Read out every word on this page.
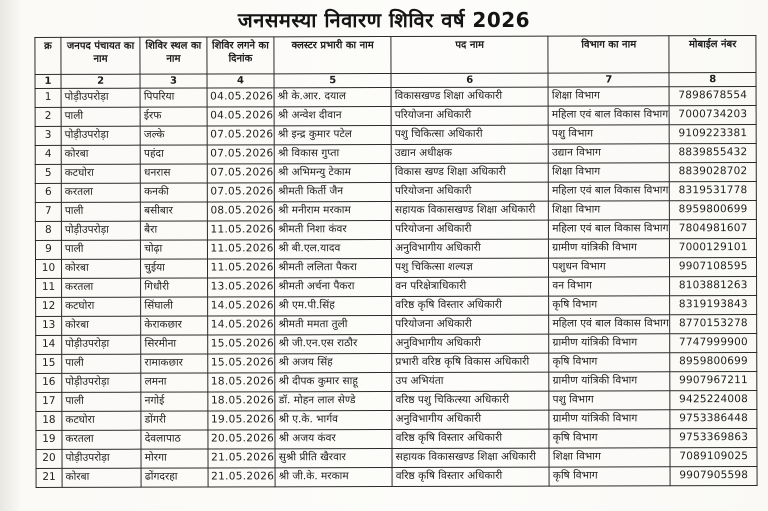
जनसमस्या निवारण शिविर वर्ष 2026
क्र	जनपद पंचायत का नाम	शिविर स्थल का नाम	शिविर लगने का दिनांक	क्लस्टर प्रभारी का नाम	पद नाम	विभाग का नाम	मोबाईल नंबर
1	2	3	4	5	6	7	8
1	पोड़ीउपरोड़ा	पिपरिया	04.05.2026	श्री के.आर. दयाल	विकासखण्ड शिक्षा अधिकारी	शिक्षा विभाग	7898678554
2	पाली	ईरफ	04.05.2026	श्री अन्वेश दीवान	परियोजना अधिकारी	महिला एवं बाल विकास विभाग	7000734203
3	पोड़ीउपरोड़ा	जल्के	07.05.2026	श्री इन्द्र कुमार पटेल	पशु चिकित्सा अधिकारी	पशु विभाग	9109223381
4	कोरबा	पहंदा	07.05.2026	श्री विकास गुप्ता	उद्यान अधीक्षक	उद्यान विभाग	8839855432
5	कटघोरा	धनरास	07.05.2026	श्री अभिमन्यु टेकाम	विकास खण्ड शिक्षा अधिकारी	शिक्षा विभाग	8839028702
6	करतला	कनकी	07.05.2026	श्रीमती किर्ती जैन	परियोजना अधिकारी	महिला एवं बाल विकास विभाग	8319531778
7	पाली	बसीबार	08.05.2026	श्री मनीराम मरकाम	सहायक विकासखण्ड शिक्षा अधिकारी	शिक्षा विभाग	8959800699
8	पोड़ीउपरोड़ा	बैरा	11.05.2026	श्रीमती निशा कंवर	परियोजना अधिकारी	महिला एवं बाल विकास विभाग	7804981607
9	पाली	चोढ़ा	11.05.2026	श्री बी.एल.यादव	अनुविभागीय अधिकारी	ग्रामीण यांत्रिकी विभाग	7000129101
10	कोरबा	चुईया	11.05.2026	श्रीमती ललिता पैकरा	पशु चिकित्सा शल्यज्ञ	पशुधन विभाग	9907108595
11	करतला	गिधौरी	13.05.2026	श्रीमती अर्चना पैकरा	वन परिक्षेत्राधिकारी	वन विभाग	8103881263
12	कटघोरा	सिंघाली	14.05.2026	श्री एम.पी.सिंह	वरिष्ठ कृषि विस्तार अधिकारी	कृषि विभाग	8319193843
13	कोरबा	केराकछार	14.05.2026	श्रीमती ममता तुली	परियोजना अधिकारी	महिला एवं बाल विकास विभाग	8770153278
14	पोड़ीउपरोड़ा	सिरमीना	15.05.2026	श्री जी.एन.एस राठौर	अनुविभागीय अधिकारी	ग्रामीण यांत्रिकी विभाग	7747999900
15	पाली	रामाकछार	15.05.2026	श्री अजय सिंह	प्रभारी वरिष्ठ कृषि विकास अधिकारी	कृषि विभाग	8959800699
16	पोड़ीउपरोड़ा	लमना	18.05.2026	श्री दीपक कुमार साहू	उप अभियंता	ग्रामीण यांत्रिकी विभाग	9907967211
17	पाली	नगोई	18.05.2026	डॉ. मोहन लाल सेण्डे	वरिष्ठ पशु चिकित्स्या अधिकारी	पशु विभाग	9425224008
18	कटघोरा	डोंगरी	19.05.2026	श्री ए.के. भार्गव	अनुविभागीय अधिकारी	ग्रामीण यांत्रिकी विभाग	9753386448
19	करतला	देवलापाठ	20.05.2026	श्री अजय कंवर	वरिष्ठ कृषि विस्तार अधिकारी	कृषि विभाग	9753369863
20	पोड़ीउपरोड़ा	मोरगा	21.05.2026	सुश्री प्रीति खैरवार	सहायक विकासखण्ड शिक्षा अधिकारी	शिक्षा विभाग	7089109025
21	कोरबा	ढोंगदरहा	21.05.2026	श्री जी.के. मरकाम	वरिष्ठ कृषि विस्तार अधिकारी	कृषि विभाग	9907905598
